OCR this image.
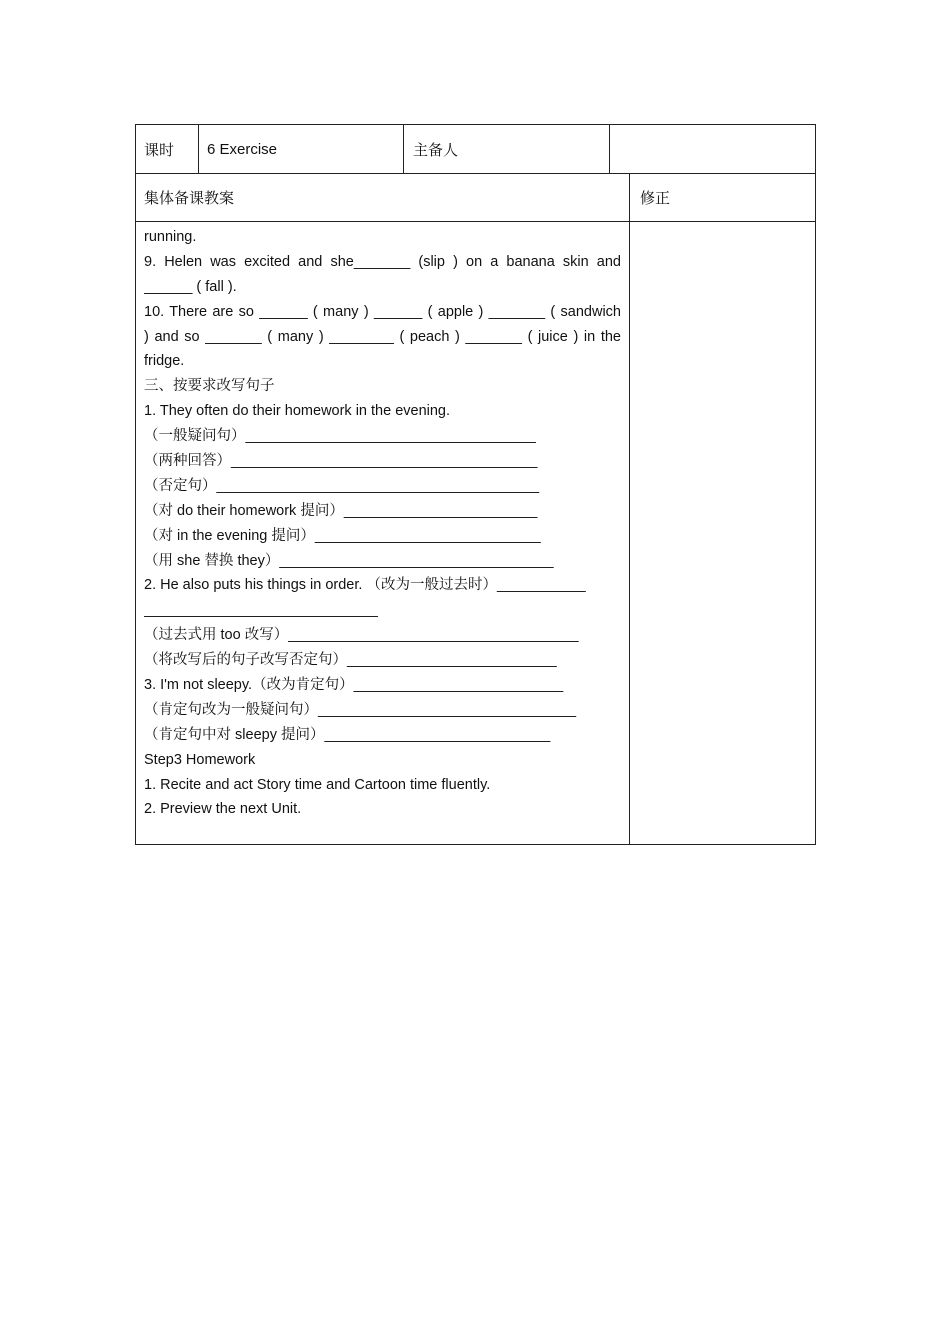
课时 6 Exercise	主备人
集体备课教案	修正
running.
9. Helen was excited and she_______ (slip ) on a banana skin and
______ ( fall ).
10. There are so ______ ( many ) ______ ( apple ) _______ ( sandwich
) and so _______ ( many ) ________ ( peach ) _______ ( juice ) in the
fridge.
三、按要求改写句子
1. They often do their homework in the evening.
（一般疑问句）____________________________________
（两种回答）______________________________________
（否定句）________________________________________
（对 do their homework 提问）________________________
（对 in the evening 提问）____________________________
（用 she 替换 they）__________________________________
2. He also puts his things in order. （改为一般过去时）___________
_____________________________
（过去式用 too 改写）____________________________________
（将改写后的句子改写否定句）__________________________
3. I'm not sleepy.（改为肯定句）__________________________
（肯定句改为一般疑问句）________________________________
（肯定句中对 sleepy 提问）____________________________
Step3 Homework
1. Recite and act Story time and Cartoon time fluently.
2. Preview the next Unit.
